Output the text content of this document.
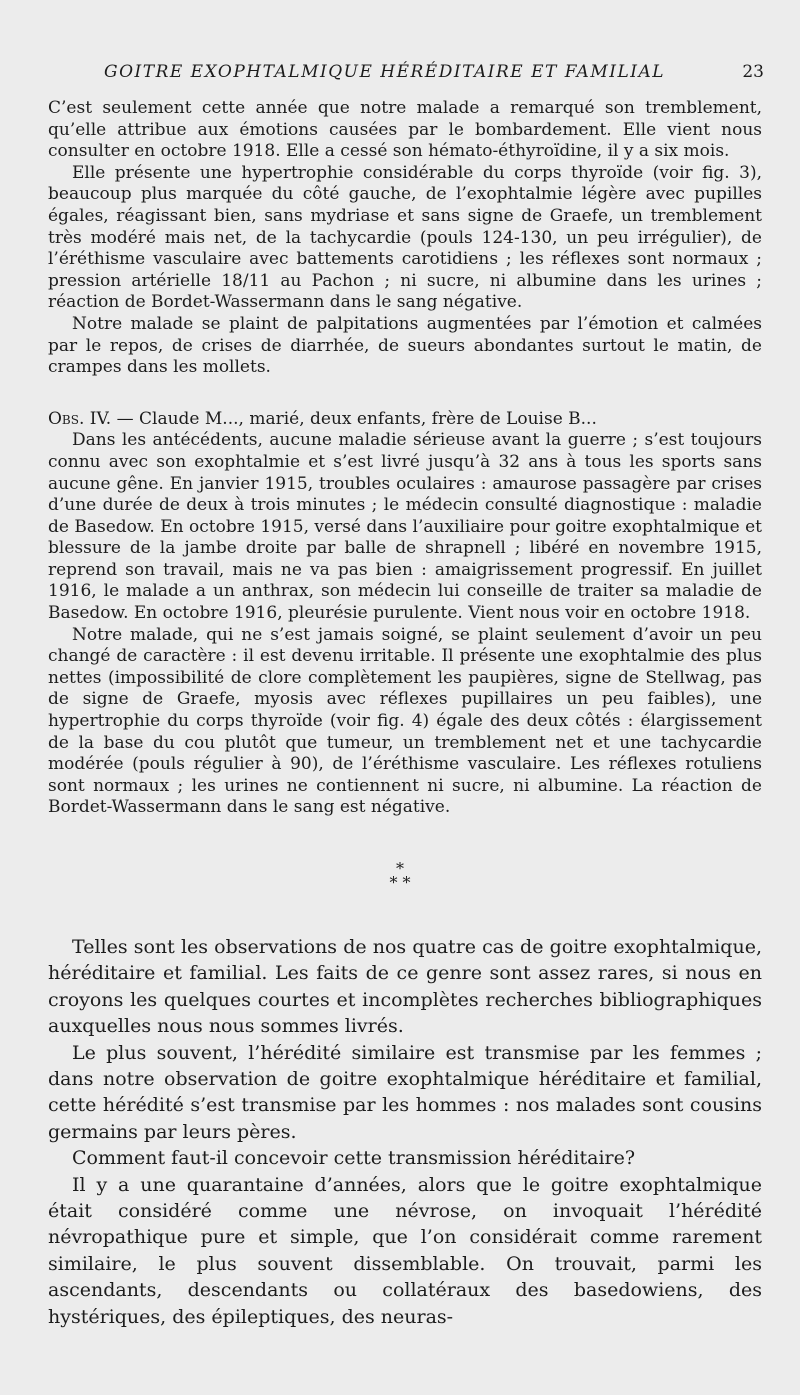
GOITRE EXOPHTALMIQUE HÉRÉDITAIRE ET FAMILIAL	23

C’est seulement cette année que notre malade a remarqué son tremblement, qu’elle attribue aux émotions causées par le bombardement. Elle vient nous consulter en octobre 1918. Elle a cessé son hémato-éthyroïdine, il y a six mois.

Elle présente une hypertrophie considérable du corps thyroïde (voir fig. 3), beaucoup plus marquée du côté gauche, de l’exophtalmie légère avec pupilles égales, réagissant bien, sans mydriase et sans signe de Graefe, un tremblement très modéré mais net, de la tachycardie (pouls 124-130, un peu irrégulier), de l’éréthisme vasculaire avec battements carotidiens ; les réflexes sont normaux ; pression artérielle 18/11 au Pachon ; ni sucre, ni albumine dans les urines ; réaction de Bordet-Wassermann dans le sang négative.

Notre malade se plaint de palpitations augmentées par l’émotion et calmées par le repos, de crises de diarrhée, de sueurs abondantes surtout le matin, de crampes dans les mollets.

Obs. IV. — Claude M..., marié, deux enfants, frère de Louise B...

Dans les antécédents, aucune maladie sérieuse avant la guerre ; s’est toujours connu avec son exophtalmie et s’est livré jusqu’à 32 ans à tous les sports sans aucune gêne. En janvier 1915, troubles oculaires : amaurose passagère par crises d’une durée de deux à trois minutes ; le médecin consulté diagnostique : maladie de Basedow. En octobre 1915, versé dans l’auxiliaire pour goitre exophtalmique et blessure de la jambe droite par balle de shrapnell ; libéré en novembre 1915, reprend son travail, mais ne va pas bien : amaigrissement progressif. En juillet 1916, le malade a un anthrax, son médecin lui conseille de traiter sa maladie de Basedow. En octobre 1916, pleurésie purulente. Vient nous voir en octobre 1918.

Notre malade, qui ne s’est jamais soigné, se plaint seulement d’avoir un peu changé de caractère : il est devenu irritable. Il présente une exophtalmie des plus nettes (impossibilité de clore complètement les paupières, signe de Stellwag, pas de signe de Graefe, myosis avec réflexes pupillaires un peu faibles), une hypertrophie du corps thyroïde (voir fig. 4) égale des deux côtés : élargissement de la base du cou plutôt que tumeur, un tremblement net et une tachycardie modérée (pouls régulier à 90), de l’éréthisme vasculaire. Les réflexes rotuliens sont normaux ; les urines ne contiennent ni sucre, ni albumine. La réaction de Bordet-Wassermann dans le sang est négative.

*
* *

Telles sont les observations de nos quatre cas de goitre exophtalmique, héréditaire et familial. Les faits de ce genre sont assez rares, si nous en croyons les quelques courtes et incomplètes recherches bibliographiques auxquelles nous nous sommes livrés.

Le plus souvent, l’hérédité similaire est transmise par les femmes ; dans notre observation de goitre exophtalmique héréditaire et familial, cette hérédité s’est transmise par les hommes : nos malades sont cousins germains par leurs pères.

Comment faut-il concevoir cette transmission héréditaire?

Il y a une quarantaine d’années, alors que le goitre exophtalmique était considéré comme une névrose, on invoquait l’hérédité névropathique pure et simple, que l’on considérait comme rarement similaire, le plus souvent dissemblable. On trouvait, parmi les ascendants, descendants ou collatéraux des basedowiens, des hystériques, des épileptiques, des neuras-
